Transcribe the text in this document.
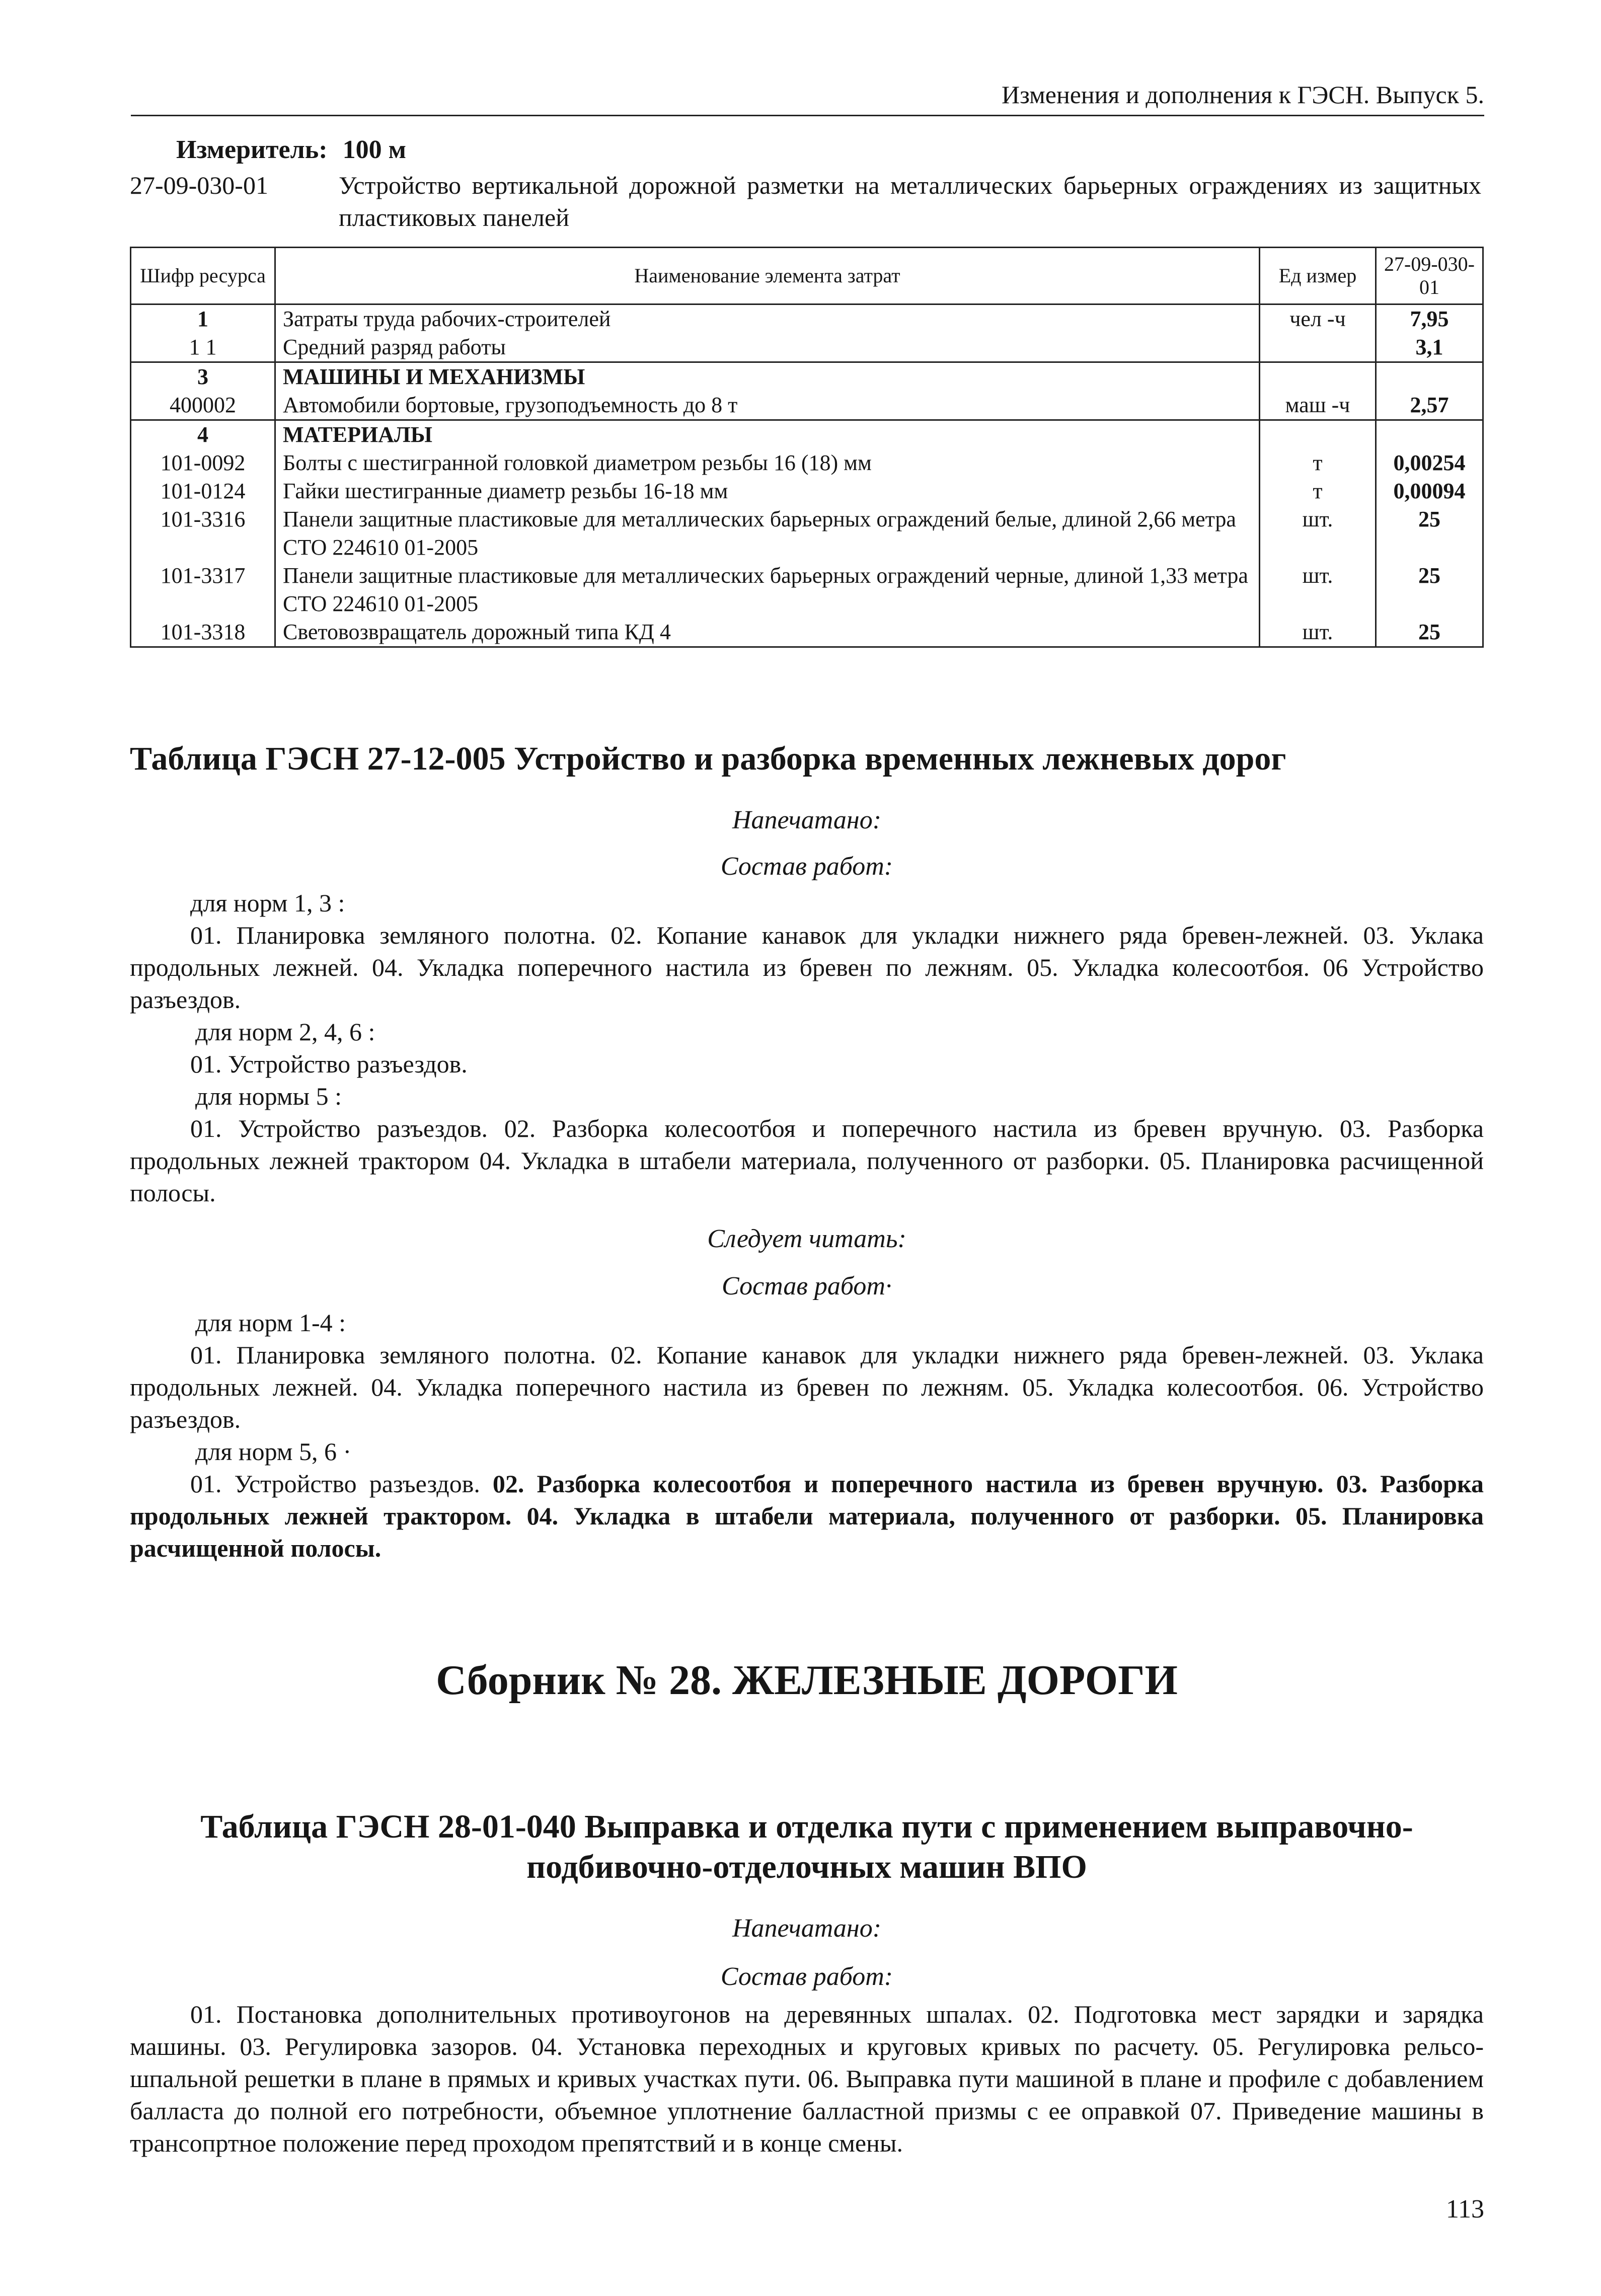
Изменения и дополнения к ГЭСН. Выпуск 5.
Измеритель: 100 м
27-09-030-01	Устройство вертикальной дорожной разметки на металлических барьерных ограждениях из защитных пластиковых панелей
Шифр ресурса	Наименование элемента затрат	Ед измер	27-09-030-01
1	Затраты труда рабочих-строителей	чел -ч	7,95
1 1	Средний разряд работы		3,1
3	МАШИНЫ И МЕХАНИЗМЫ		
400002	Автомобили бортовые, грузоподъемность до 8 т	маш -ч	2,57
4	МАТЕРИАЛЫ		
101-0092	Болты с шестигранной головкой диаметром резьбы 16 (18) мм	т	0,00254
101-0124	Гайки шестигранные диаметр резьбы 16-18 мм	т	0,00094
101-3316	Панели защитные пластиковые для металлических барьерных ограждений белые, длиной 2,66 метра СТО 224610 01-2005	шт.	25
101-3317	Панели защитные пластиковые для металлических барьерных ограждений черные, длиной 1,33 метра СТО 224610 01-2005	шт.	25
101-3318	Световозвращатель дорожный типа КД 4	шт.	25
Таблица ГЭСН 27-12-005 Устройство и разборка временных лежневых дорог
Напечатано:
Состав работ:
для норм 1, 3 :
01. Планировка земляного полотна. 02. Копание канавок для укладки нижнего ряда бревен-лежней. 03. Уклака продольных лежней. 04. Укладка поперечного настила из бревен по лежням. 05. Укладка колесоотбоя. 06 Устройство разъездов.
для норм 2, 4, 6 :
01. Устройство разъездов.
для нормы 5 :
01. Устройство разъездов. 02. Разборка колесоотбоя и поперечного настила из бревен вручную. 03. Разборка продольных лежней трактором 04. Укладка в штабели материала, полученного от разборки. 05. Планировка расчищенной полосы.
Следует читать:
Состав работ·
для норм 1-4 :
01. Планировка земляного полотна. 02. Копание канавок для укладки нижнего ряда бревен-лежней. 03. Уклака продольных лежней. 04. Укладка поперечного настила из бревен по лежням. 05. Укладка колесоотбоя. 06. Устройство разъездов.
для норм 5, 6 ·
01. Устройство разъездов. 02. Разборка колесоотбоя и поперечного настила из бревен вручную. 03. Разборка продольных лежней трактором. 04. Укладка в штабели материала, полученного от разборки. 05. Планировка расчищенной полосы.
Сборник № 28. ЖЕЛЕЗНЫЕ ДОРОГИ
Таблица ГЭСН 28-01-040 Выправка и отделка пути с применением выправочно-
подбивочно-отделочных машин ВПО
Напечатано:
Состав работ:
01. Постановка дополнительных противоугонов на деревянных шпалах. 02. Подготовка мест зарядки и зарядка машины. 03. Регулировка зазоров. 04. Установка переходных и круговых кривых по расчету. 05. Регулировка рельсо-шпальной решетки в плане в прямых и кривых участках пути. 06. Выправка пути машиной в плане и профиле с добавлением балласта до полной его потребности, объемное уплотнение балластной призмы с ее оправкой 07. Приведение машины в трансопртное положение перед проходом препятствий и в конце смены.
113
